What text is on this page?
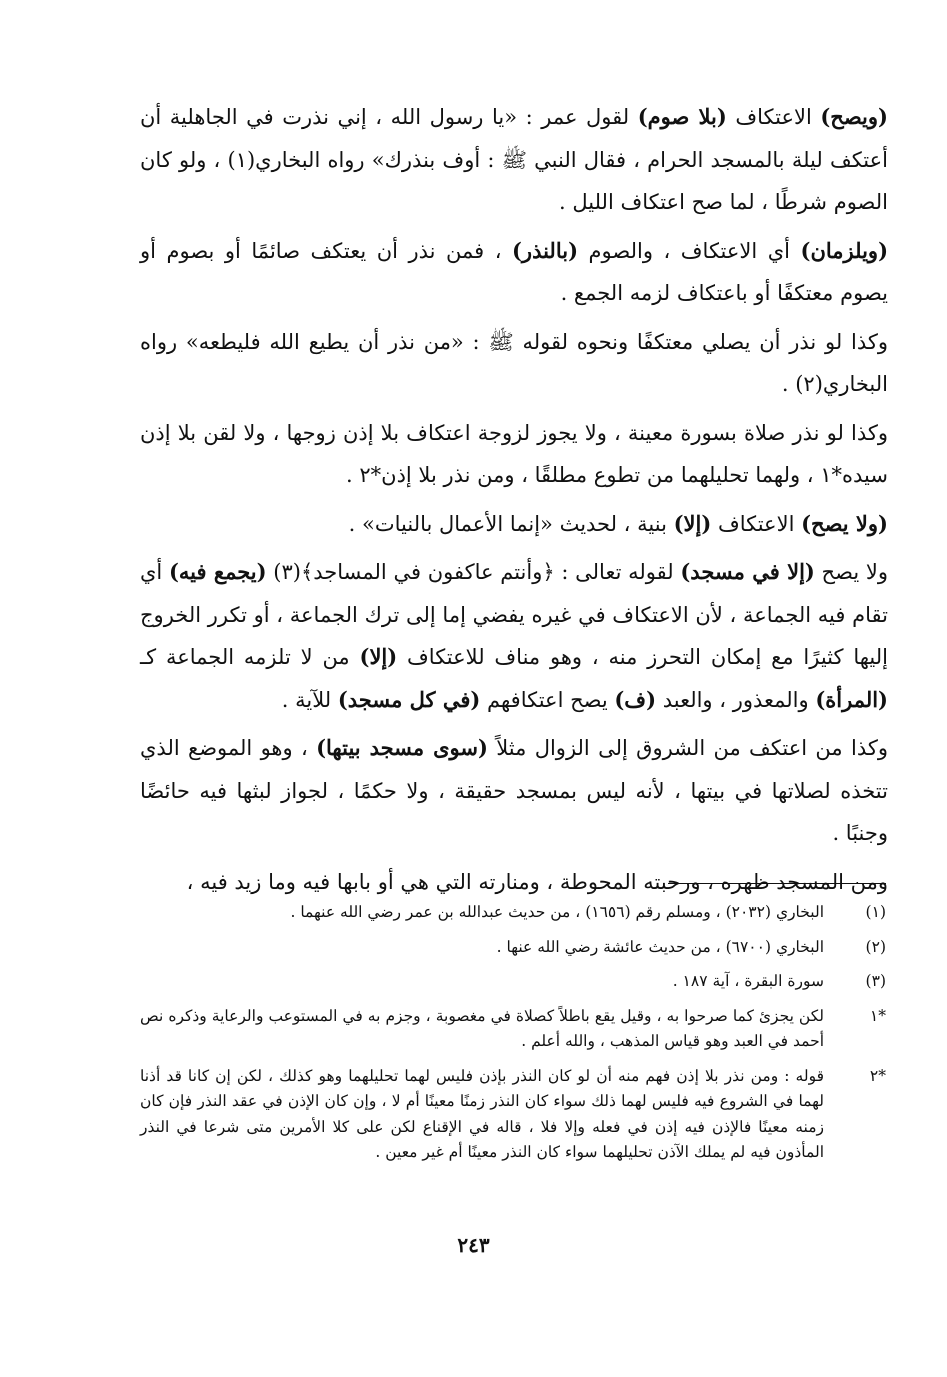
(ويصح) الاعتكاف (بلا صوم) لقول عمر : «يا رسول الله ، إني نذرت في الجاهلية أن أعتكف ليلة بالمسجد الحرام ، فقال النبي ﷺ : أوف بنذرك» رواه البخاري(١) ، ولو كان الصوم شرطًا ، لما صح اعتكاف الليل .

(ويلزمان) أي الاعتكاف ، والصوم (بالنذر) ، فمن نذر أن يعتكف صائمًا أو بصوم أو يصوم معتكفًا أو باعتكاف لزمه الجمع .

وكذا لو نذر أن يصلي معتكفًا ونحوه لقوله ﷺ : «من نذر أن يطيع الله فليطعه» رواه البخاري(٢) .

وكذا لو نذر صلاة بسورة معينة ، ولا يجوز لزوجة اعتكاف بلا إذن زوجها ، ولا لقن بلا إذن سيده*١ ، ولهما تحليلهما من تطوع مطلقًا ، ومن نذر بلا إذن*٢ .

(ولا يصح) الاعتكاف (إلا) بنية ، لحديث «إنما الأعمال بالنيات» .

ولا يصح (إلا في مسجد) لقوله تعالى : ﴿وأنتم عاكفون في المساجد﴾(٣) (يجمع فيه) أي تقام فيه الجماعة ، لأن الاعتكاف في غيره يفضي إما إلى ترك الجماعة ، أو تكرر الخروج إليها كثيرًا مع إمكان التحرز منه ، وهو مناف للاعتكاف (إلا) من لا تلزمه الجماعة كـ (المرأة) والمعذور ، والعبد (ف) يصح اعتكافهم (في كل مسجد) للآية .

وكذا من اعتكف من الشروق إلى الزوال مثلاً (سوى مسجد بيتها) ، وهو الموضع الذي تتخذه لصلاتها في بيتها ، لأنه ليس بمسجد حقيقة ، ولا حكمًا ، لجواز لبثها فيه حائضًا وجنبًا .

ومن المسجد ظهره ، ورحبته المحوطة ، ومنارته التي هي أو بابها فيه وما زيد فيه ،

(١)
البخاري (٢٠٣٢) ، ومسلم رقم (١٦٥٦) ، من حديث عبدالله بن عمر رضي الله عنهما .
(٢)
البخاري (٦٧٠٠) ، من حديث عائشة رضي الله عنها .
(٣)
سورة البقرة ، آية ١٨٧ .
*١
لكن يجزئ كما صرحوا به ، وقيل يقع باطلاً كصلاة في مغصوبة ، وجزم به في المستوعب والرعاية وذكره نص أحمد في العبد وهو قياس المذهب ، والله أعلم .
*٢
قوله : ومن نذر بلا إذن فهم منه أن لو كان النذر بإذن فليس لهما تحليلهما وهو كذلك ، لكن إن كانا قد أذنا لهما في الشروع فيه فليس لهما ذلك سواء كان النذر زمنًا معينًا أم لا ، وإن كان الإذن في عقد النذر فإن كان زمنه معينًا فالإذن فيه إذن في فعله وإلا فلا ، قاله في الإقناع لكن على كلا الأمرين متى شرعا في النذر المأذون فيه لم يملك الآذن تحليلهما سواء كان النذر معينًا أم غير معين .
٢٤٣
